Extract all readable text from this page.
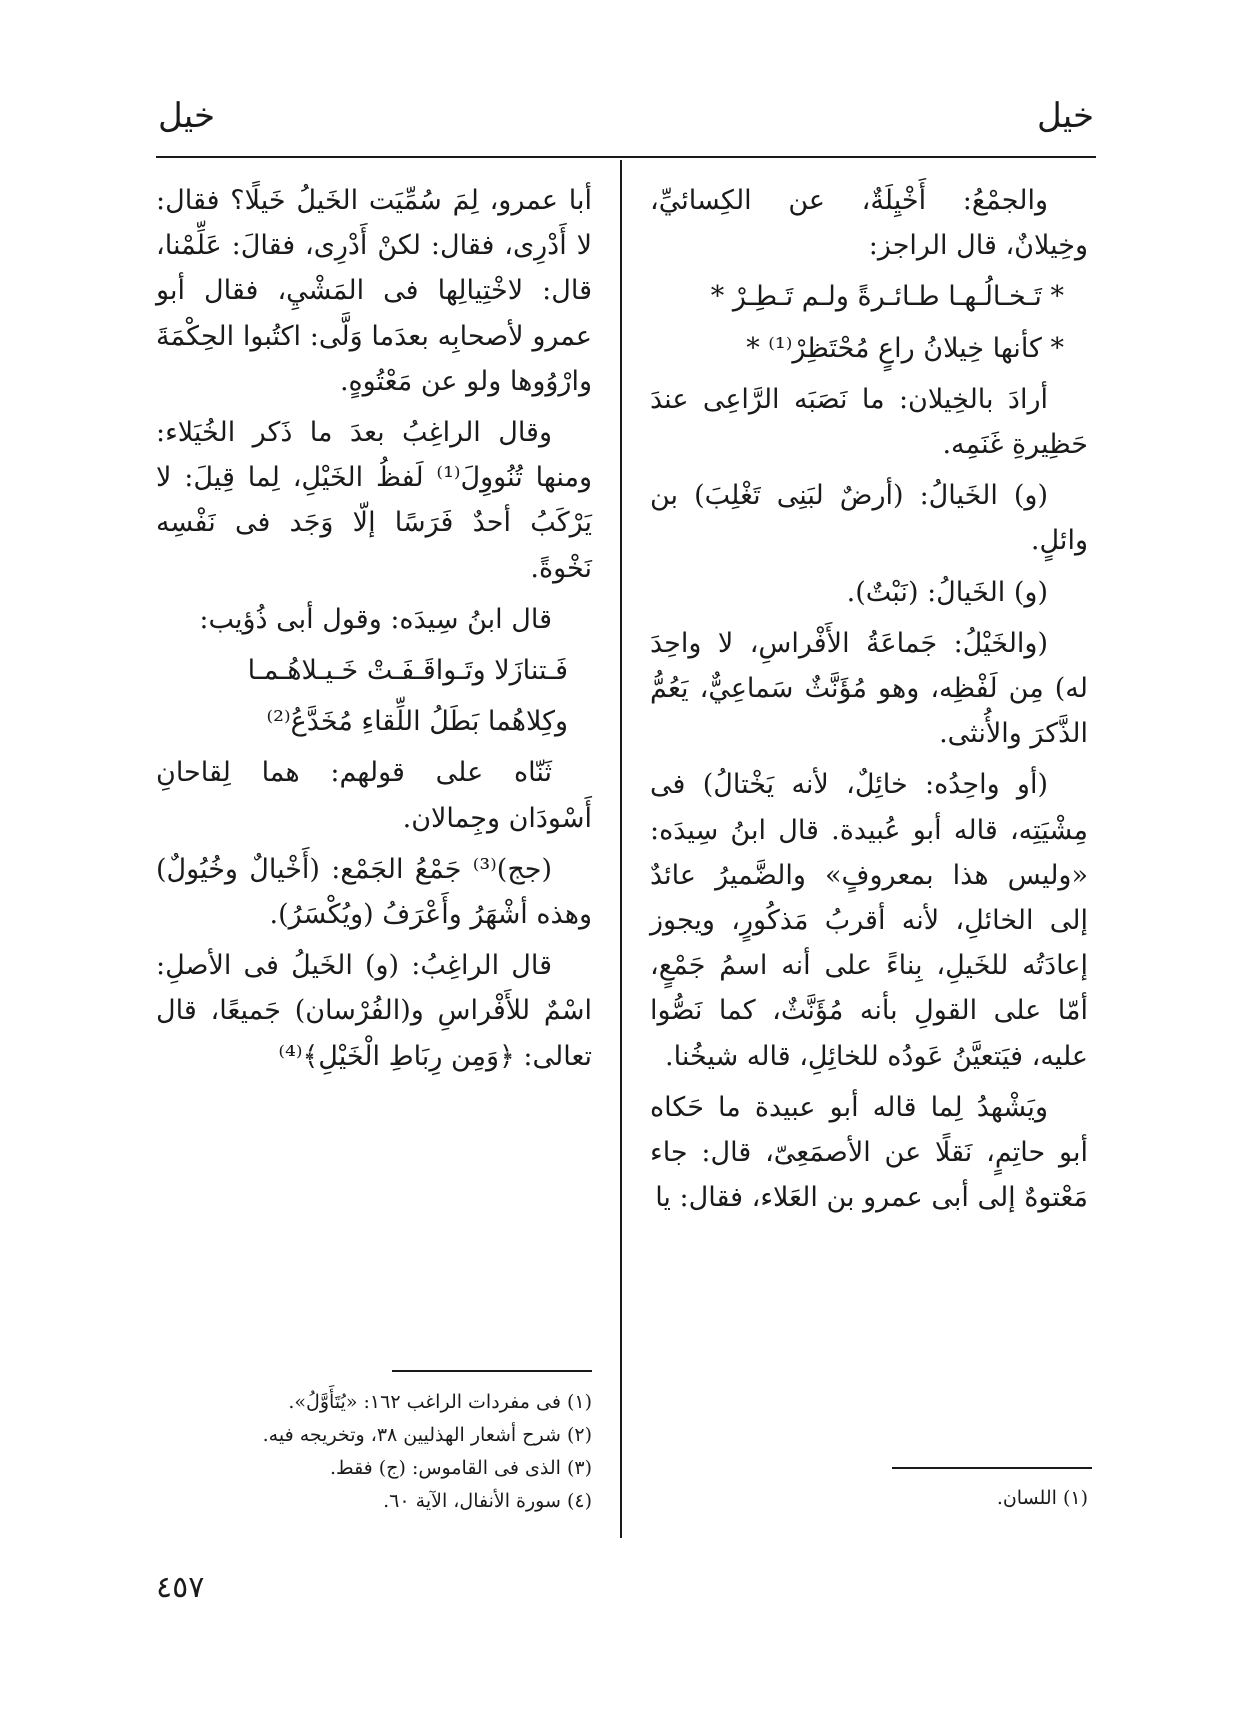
خيل
خيل

والجمْعُ: أَخْيِلَةٌ، عن الكِسائيِّ، وخِيلانٌ، قال الراجز:

* تَـخـالُـهـا طـائـرةً ولـم تَـطِـرْ *

* كأنها خِيلانُ راعٍ مُحْتَظِرْ⁽¹⁾ *

أرادَ بالخِيلان: ما نَصَبَه الرَّاعِى عندَ حَظِيرةِ غَنَمِه.

(و) الخَيالُ: (أرضٌ لبَنِى تَغْلِبَ) بن وائلٍ.

(و) الخَيالُ: (نَبْتٌ).

(والخَيْلُ: جَماعَةُ الأَفْراسِ، لا واحِدَ له) مِن لَفْظِه، وهو مُؤَنَّثٌ سَماعِيٌّ، يَعُمُّ الذَّكرَ والأُنثى.

(أو واحِدُه: خائِلٌ، لأنه يَخْتالُ) فى مِشْيَتِه، قاله أبو عُبيدة. قال ابنُ سِيدَه: «وليس هذا بمعروفٍ» والضَّميرُ عائدٌ إلى الخائلِ، لأنه أقربُ مَذكُورٍ، ويجوز إعادَتُه للخَيلِ، بِناءً على أنه اسمُ جَمْعٍ، أمّا على القولِ بأنه مُؤَنَّثٌ، كما نَصُّوا عليه، فيَتعيَّنُ عَودُه للخائِلِ، قاله شيخُنا.

ويَشْهدُ لِما قاله أبو عبيدة ما حَكاه أبو حاتِمٍ، نَقلًا عن الأصمَعِىّ، قال: جاء مَعْتوهٌ إلى أبى عمرو بن العَلاء، فقال: يا

أبا عمرو، لِمَ سُمِّيَت الخَيلُ خَيلًا؟ فقال: لا أَدْرِى، فقال: لكنْ أَدْرِى، فقالَ: عَلِّمْنا، قال: لاخْتِيالِها فى المَشْيِ، فقال أبو عمرو لأصحابِه بعدَما وَلَّى: اكتُبوا الحِكْمَةَ وارْوُوها ولو عن مَعْتُوهٍ.

وقال الراغِبُ بعدَ ما ذَكر الخُيَلاء: ومنها تُنُووِلَ⁽¹⁾ لَفظُ الخَيْلِ، لِما قِيلَ: لا يَرْكَبُ أحدٌ فَرَسًا إلّا وَجَد فى نَفْسِه نَخْوةً.

قال ابنُ سِيدَه: وقول أبى ذُؤيب:

فَـتنازَلا وتَـواقَـفَـتْ خَـيـلاهُـمـا

وكِلاهُما بَطَلُ اللِّقاءِ مُخَدَّعُ⁽²⁾

ثَنّاه على قولهم: هما لِقاحانِ أَسْودَان وجِمالان.

(جج)⁽³⁾ جَمْعُ الجَمْع: (أَخْيالٌ وخُيُولٌ) وهذه أشْهَرُ وأَعْرَفُ (ويُكْسَرُ).

قال الراغِبُ: (و) الخَيلُ فى الأصلِ: اسْمٌ للأَفْراسِ و(الفُرْسان) جَميعًا، قال تعالى: ﴿وَمِن رِبَاطِ الْخَيْلِ﴾⁽⁴⁾

(١) اللسان.
(١) فى مفردات الراغب ١٦٢: «يُتَأَوَّلُ».
(٢) شرح أشعار الهذليين ٣٨، وتخريجه فيه.
(٣) الذى فى القاموس: (ج) فقط.
(٤) سورة الأنفال، الآية ٦٠.
٤٥٧
